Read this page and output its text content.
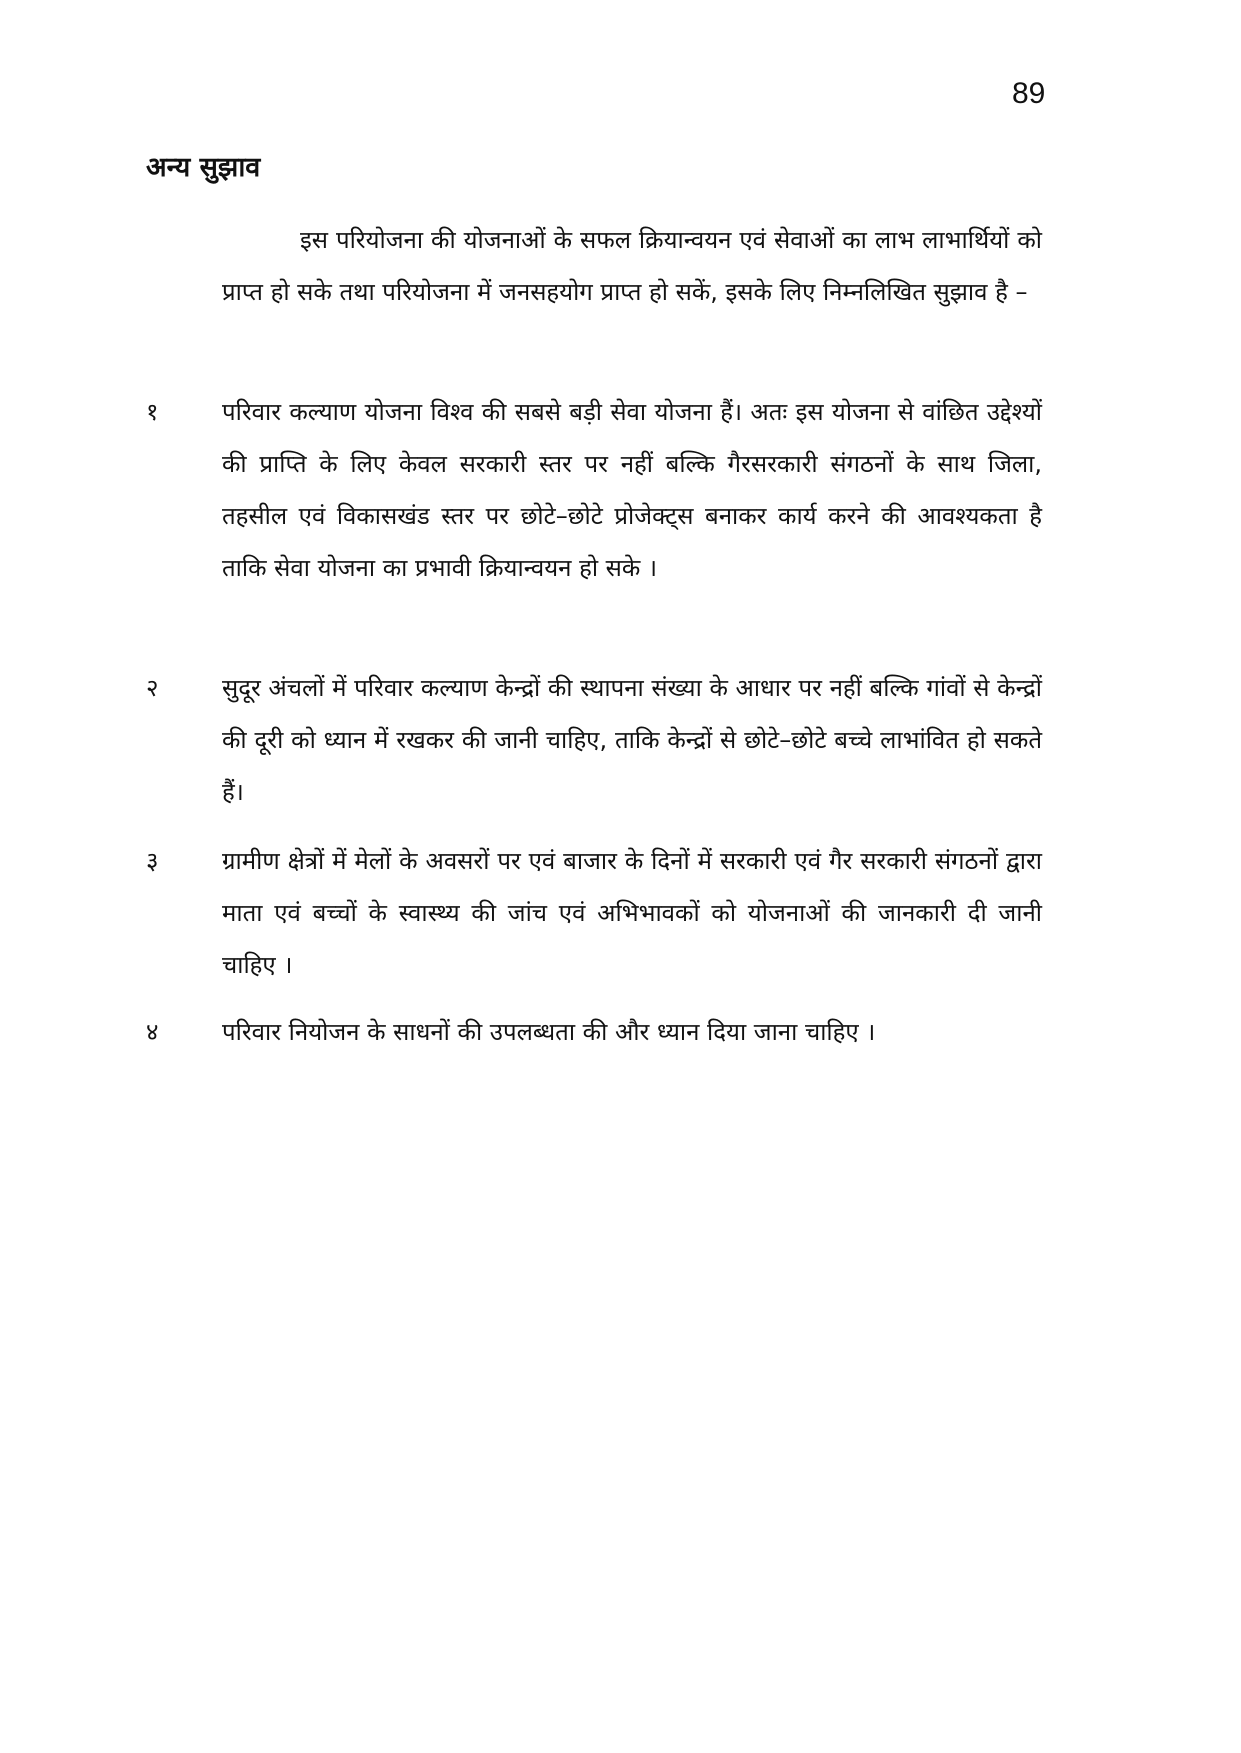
89
अन्य सुझाव
इस परियोजना की योजनाओं के सफल क्रियान्वयन एवं सेवाओं का लाभ लाभार्थियों को प्राप्त हो सके तथा परियोजना में जनसहयोग प्राप्त हो सकें, इसके लिए निम्नलिखित सुझाव है –
१	परिवार कल्याण योजना विश्व की सबसे बड़ी सेवा योजना हैं। अतः इस योजना से वांछित उद्देश्यों की प्राप्ति के लिए केवल सरकारी स्तर पर नहीं बल्कि गैरसरकारी संगठनों के साथ जिला, तहसील एवं विकासखंड स्तर पर छोटे–छोटे प्रोजेक्ट्स बनाकर कार्य करने की आवश्यकता है ताकि सेवा योजना का प्रभावी क्रियान्वयन हो सके ।
२	सुदूर अंचलों में परिवार कल्याण केन्द्रों की स्थापना संख्या के आधार पर नहीं बल्कि गांवों से केन्द्रों की दूरी को ध्यान में रखकर की जानी चाहिए, ताकि केन्द्रों से छोटे–छोटे बच्चे लाभांवित हो सकते हैं।
३	ग्रामीण क्षेत्रों में मेलों के अवसरों पर एवं बाजार के दिनों में सरकारी एवं गैर सरकारी संगठनों द्वारा माता एवं बच्चों के स्वास्थ्य की जांच एवं अभिभावकों को योजनाओं की जानकारी दी जानी चाहिए ।
४	परिवार नियोजन के साधनों की उपलब्धता की और ध्यान दिया जाना चाहिए ।
